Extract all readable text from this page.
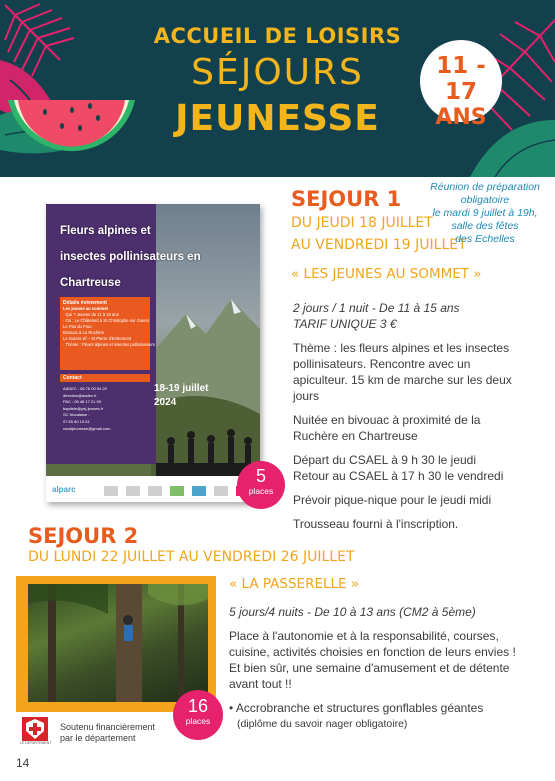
ACCUEIL DE LOISIRS
SÉJOURS
JEUNESSE
11 - 17
ANS
SEJOUR 1
DU JEUDI 18 JUILLET
AU VENDREDI 19 JUILLET
« LES JEUNES AU SOMMET »
Réunion de préparation
obligatoire
le mardi 9 juillet à 19h,
salle des fêtes
des Echelles

2 jours / 1 nuit - De 11 à 15 ans

TARIF UNIQUE 3 €

Thème : les fleurs alpines et les insectes pollinisateurs. Rencontre avec un apiculteur. 15 km de marche sur les deux jours

Nuitée en bivouac à proximité de la Ruchère en Chartreuse

Départ du CSAEL à 9 h 30 le jeudi

Retour au CSAEL à 17 h 30 le vendredi

Prévoir pique-nique pour le jeudi midi

Trousseau fourni à l'inscription.

Fleurs alpines et
insectes pollinisateurs en
Chartreuse
Détails évènement
Les jeunes au sommet
· Qui ? Jeunes de 11 à 15 ans
· Où : Le Châtelard à St Christophe sur Guiers
Le Pas du Frou
Bivouac à La Ruchère
Le Guiers vif – St Pierre d'Entremont
· Thème : Fleurs alpines et insectes pollinisateurs
Contact
AADEC : 06 76 00 94 20
direction@aadec.fr
PAC : 06 48 17 21 99
baptiste@pej-jeunes.fr
SC Novalaise :
07 65 80 15 61
cscaljeunesse@gmail.com
18-19 juillet
2024
alparc
5
places
SEJOUR 2
DU LUNDI 22 JUILLET AU VENDREDI 26 JUILLET
« LA PASSERELLE »

5 jours/4 nuits - De 10 à 13 ans (CM2 à 5ème)

Place à l'autonomie et à la responsabilité, courses, cuisine, activités choisies en fonction de leurs envies ! Et bien sûr, une semaine d'amusement et de détente avant tout !!

• Accrobranche et structures gonflables géantes

(diplôme du savoir nager obligatoire)

16
places
LE DÉPARTEMENT
Soutenu financièrement
par le département
14
